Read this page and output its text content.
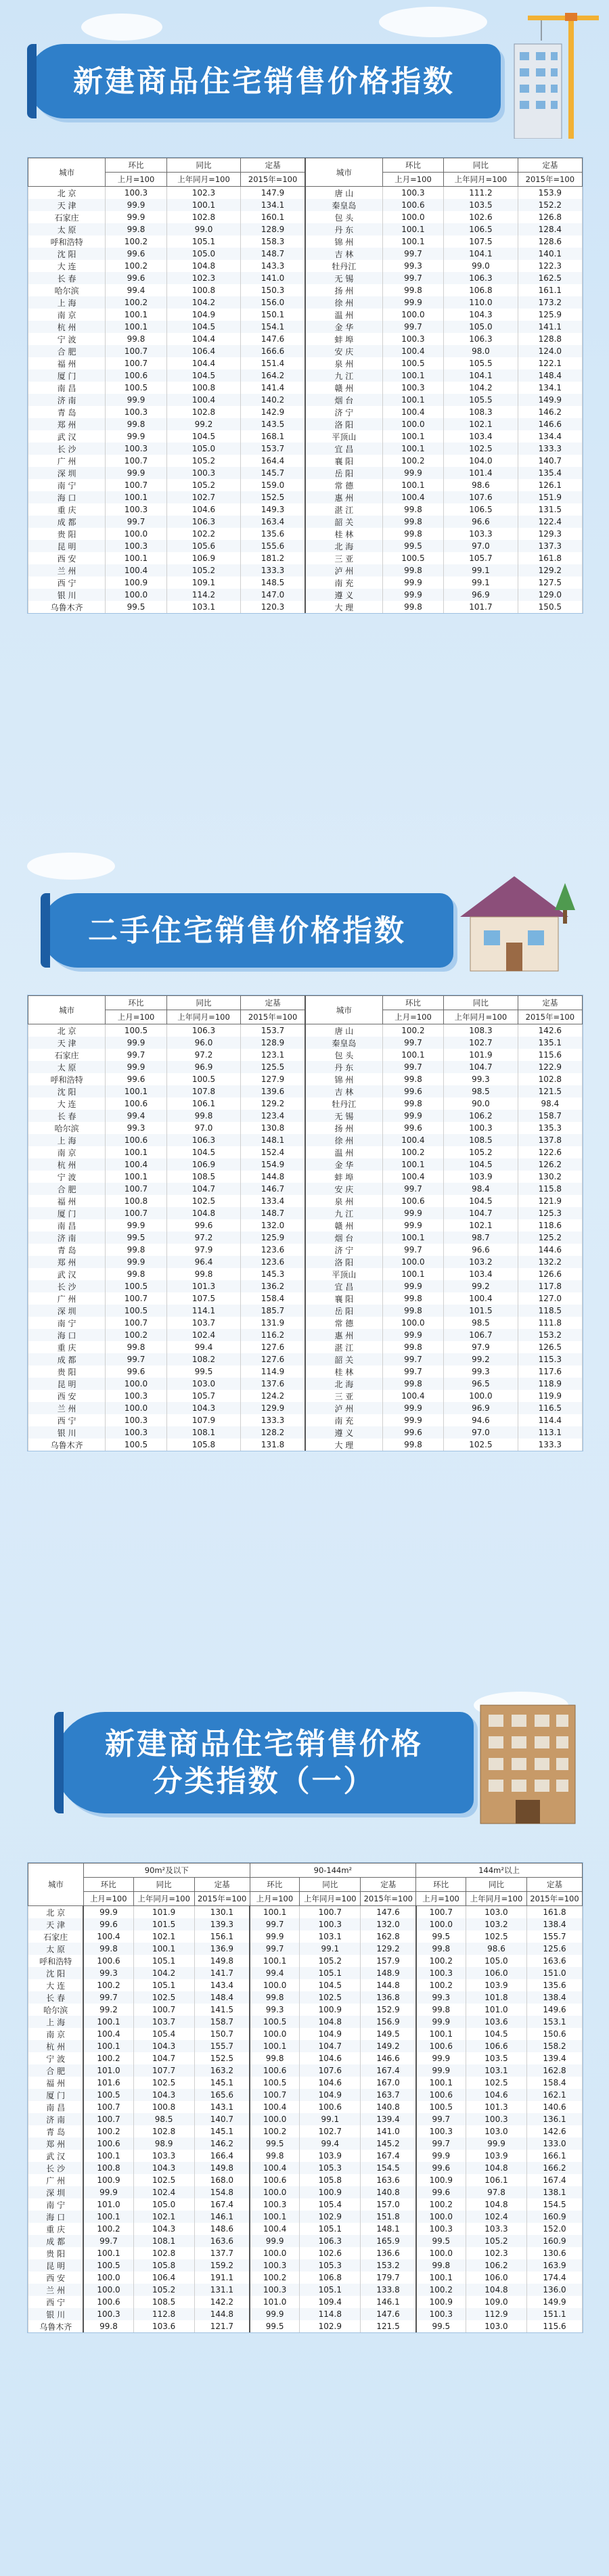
新建商品住宅销售价格指数
城市	环比	同比	定基	城市	环比	同比	定基
	上月=100	上年同月=100	2015年=100		上月=100	上年同月=100	2015年=100
北 京	100.3	102.3	147.9	唐 山	100.3	111.2	153.9
天 津	99.9	100.1	134.1	秦皇岛	100.6	103.5	152.2
石家庄	99.9	102.8	160.1	包 头	100.0	102.6	126.8
太 原	99.8	99.0	128.9	丹 东	100.1	106.5	128.4
呼和浩特	100.2	105.1	158.3	锦 州	100.1	107.5	128.6
沈 阳	99.6	105.0	148.7	吉 林	99.7	104.1	140.1
大 连	100.2	104.8	143.3	牡丹江	99.3	99.0	122.3
长 春	99.6	102.3	141.0	无 锡	99.7	106.3	162.5
哈尔滨	99.4	100.8	150.3	扬 州	99.8	106.8	161.1
上 海	100.2	104.2	156.0	徐 州	99.9	110.0	173.2
南 京	100.1	104.9	150.1	温 州	100.0	104.3	125.9
杭 州	100.1	104.5	154.1	金 华	99.7	105.0	141.1
宁 波	99.8	104.4	147.6	蚌 埠	100.3	106.3	128.8
合 肥	100.7	106.4	166.6	安 庆	100.4	98.0	124.0
福 州	100.7	104.4	151.4	泉 州	100.5	105.5	122.1
厦 门	100.6	104.5	164.2	九 江	100.1	104.1	148.4
南 昌	100.5	100.8	141.4	赣 州	100.3	104.2	134.1
济 南	99.9	100.4	140.2	烟 台	100.1	105.5	149.9
青 岛	100.3	102.8	142.9	济 宁	100.4	108.3	146.2
郑 州	99.8	99.2	143.5	洛 阳	100.0	102.1	146.6
武 汉	99.9	104.5	168.1	平顶山	100.1	103.4	134.4
长 沙	100.3	105.0	153.7	宜 昌	100.1	102.5	133.3
广 州	100.7	105.2	164.4	襄 阳	100.2	104.0	140.7
深 圳	99.9	100.3	145.7	岳 阳	99.9	101.4	135.4
南 宁	100.7	105.2	159.0	常 德	100.1	98.6	126.1
海 口	100.1	102.7	152.5	惠 州	100.4	107.6	151.9
重 庆	100.3	104.6	149.3	湛 江	99.8	106.5	131.5
成 都	99.7	106.3	163.4	韶 关	99.8	96.6	122.4
贵 阳	100.0	102.2	135.6	桂 林	99.8	103.3	129.3
昆 明	100.3	105.6	155.6	北 海	99.5	97.0	137.3
西 安	100.1	106.9	181.2	三 亚	100.5	105.7	161.8
兰 州	100.4	105.2	133.3	泸 州	99.8	99.1	129.2
西 宁	100.9	109.1	148.5	南 充	99.9	99.1	127.5
银 川	100.0	114.2	147.0	遵 义	99.9	96.9	129.0
乌鲁木齐	99.5	103.1	120.3	大 理	99.8	101.7	150.5
二手住宅销售价格指数
城市	环比	同比	定基	城市	环比	同比	定基
	上月=100	上年同月=100	2015年=100		上月=100	上年同月=100	2015年=100
北 京	100.5	106.3	153.7	唐 山	100.2	108.3	142.6
天 津	99.9	96.0	128.9	秦皇岛	99.7	102.7	135.1
石家庄	99.7	97.2	123.1	包 头	100.1	101.9	115.6
太 原	99.9	96.9	125.5	丹 东	99.7	104.7	122.9
呼和浩特	99.6	100.5	127.9	锦 州	99.8	99.3	102.8
沈 阳	100.1	107.8	139.6	吉 林	99.6	98.5	121.5
大 连	100.6	106.1	129.2	牡丹江	99.8	90.0	98.4
长 春	99.4	99.8	123.4	无 锡	99.9	106.2	158.7
哈尔滨	99.3	97.0	130.8	扬 州	99.6	100.3	135.3
上 海	100.6	106.3	148.1	徐 州	100.4	108.5	137.8
南 京	100.1	104.5	152.4	温 州	100.2	105.2	122.6
杭 州	100.4	106.9	154.9	金 华	100.1	104.5	126.2
宁 波	100.1	108.5	144.8	蚌 埠	100.4	103.9	130.2
合 肥	100.7	104.7	146.7	安 庆	99.7	98.4	115.8
福 州	100.8	102.5	133.4	泉 州	100.6	104.5	121.9
厦 门	100.7	104.8	148.7	九 江	99.9	104.7	125.3
南 昌	99.9	99.6	132.0	赣 州	99.9	102.1	118.6
济 南	99.5	97.2	125.9	烟 台	100.1	98.7	125.2
青 岛	99.8	97.9	123.6	济 宁	99.7	96.6	144.6
郑 州	99.9	96.4	123.6	洛 阳	100.0	103.2	132.2
武 汉	99.8	99.8	145.3	平顶山	100.1	103.4	126.6
长 沙	100.5	101.3	136.2	宜 昌	99.9	99.2	117.8
广 州	100.7	107.5	158.4	襄 阳	99.8	100.4	127.0
深 圳	100.5	114.1	185.7	岳 阳	99.8	101.5	118.5
南 宁	100.7	103.7	131.9	常 德	100.0	98.5	111.8
海 口	100.2	102.4	116.2	惠 州	99.9	106.7	153.2
重 庆	99.8	99.4	127.6	湛 江	99.8	97.9	126.5
成 都	99.7	108.2	127.6	韶 关	99.7	99.2	115.3
贵 阳	99.6	99.5	114.9	桂 林	99.7	99.3	117.6
昆 明	100.0	103.0	137.6	北 海	99.8	96.5	118.9
西 安	100.3	105.7	124.2	三 亚	100.4	100.0	119.9
兰 州	100.0	104.3	129.9	泸 州	99.9	96.9	116.5
西 宁	100.3	107.9	133.3	南 充	99.9	94.6	114.4
银 川	100.3	108.1	128.2	遵 义	99.6	97.0	113.1
乌鲁木齐	100.5	105.8	131.8	大 理	99.8	102.5	133.3
新建商品住宅销售价格
分类指数（一）
城市	90m²及以下			90-144m²			144m²以上		
	环比	同比	定基	环比	同比	定基	环比	同比	定基
	上月=100	上年同月=100	2015年=100	上月=100	上年同月=100	2015年=100	上月=100	上年同月=100	2015年=100
北 京	99.9	101.9	130.1	100.1	100.7	147.6	100.7	103.0	161.8
天 津	99.6	101.5	139.3	99.7	100.3	132.0	100.0	103.2	138.4
石家庄	100.4	102.1	156.1	99.9	103.1	162.8	99.5	102.5	155.7
太 原	99.8	100.1	136.9	99.7	99.1	129.2	99.8	98.6	125.6
呼和浩特	100.6	105.1	149.8	100.1	105.2	157.9	100.2	105.0	163.6
沈 阳	99.3	104.2	141.7	99.4	105.1	148.9	100.3	106.0	151.0
大 连	100.2	105.1	143.4	100.0	104.5	144.8	100.2	103.9	135.6
长 春	99.7	102.5	148.4	99.8	102.5	136.8	99.3	101.8	138.4
哈尔滨	99.2	100.7	141.5	99.3	100.9	152.9	99.8	101.0	149.6
上 海	100.1	103.7	158.7	100.5	104.8	156.9	99.9	103.6	153.1
南 京	100.4	105.4	150.7	100.0	104.9	149.5	100.1	104.5	150.6
杭 州	100.1	104.3	155.7	100.1	104.7	149.2	100.6	106.6	158.2
宁 波	100.2	104.7	152.5	99.8	104.6	146.6	99.9	103.5	139.4
合 肥	101.0	107.7	163.2	100.6	107.6	167.4	99.9	103.1	162.8
福 州	101.6	102.5	145.1	100.5	104.6	167.0	100.1	102.5	158.4
厦 门	100.5	104.3	165.6	100.7	104.9	163.7	100.6	104.6	162.1
南 昌	100.7	100.8	143.1	100.4	100.6	140.8	100.5	101.3	140.6
济 南	100.7	98.5	140.7	100.0	99.1	139.4	99.7	100.3	136.1
青 岛	100.2	102.8	145.1	100.2	102.7	141.0	100.3	103.0	142.6
郑 州	100.6	98.9	146.2	99.5	99.4	145.2	99.7	99.9	133.0
武 汉	100.1	103.3	166.4	99.8	103.9	167.4	99.9	103.9	166.1
长 沙	100.8	104.3	149.8	100.4	105.3	154.5	99.6	104.8	166.2
广 州	100.9	102.5	168.0	100.6	105.8	163.6	100.9	106.1	167.4
深 圳	99.9	102.4	154.8	100.0	100.9	140.8	99.6	97.8	138.1
南 宁	101.0	105.0	167.4	100.3	105.4	157.0	100.2	104.8	154.5
海 口	100.1	102.1	146.1	100.1	102.9	151.8	100.0	102.4	160.9
重 庆	100.2	104.3	148.6	100.4	105.1	148.1	100.3	103.3	152.0
成 都	99.7	108.1	163.6	99.9	106.3	165.9	99.5	105.2	160.9
贵 阳	100.1	102.8	137.7	100.0	102.6	136.6	100.0	102.3	130.6
昆 明	100.5	105.8	159.2	100.3	105.3	153.2	99.8	106.2	163.9
西 安	100.0	106.4	191.1	100.2	106.8	179.7	100.1	106.0	174.4
兰 州	100.0	105.2	131.1	100.3	105.1	133.8	100.2	104.8	136.0
西 宁	100.6	108.5	142.2	101.0	109.4	146.1	100.9	109.0	149.9
银 川	100.3	112.8	144.8	99.9	114.8	147.6	100.3	112.9	151.1
乌鲁木齐	99.8	103.6	121.7	99.5	102.9	121.5	99.5	103.0	115.6
